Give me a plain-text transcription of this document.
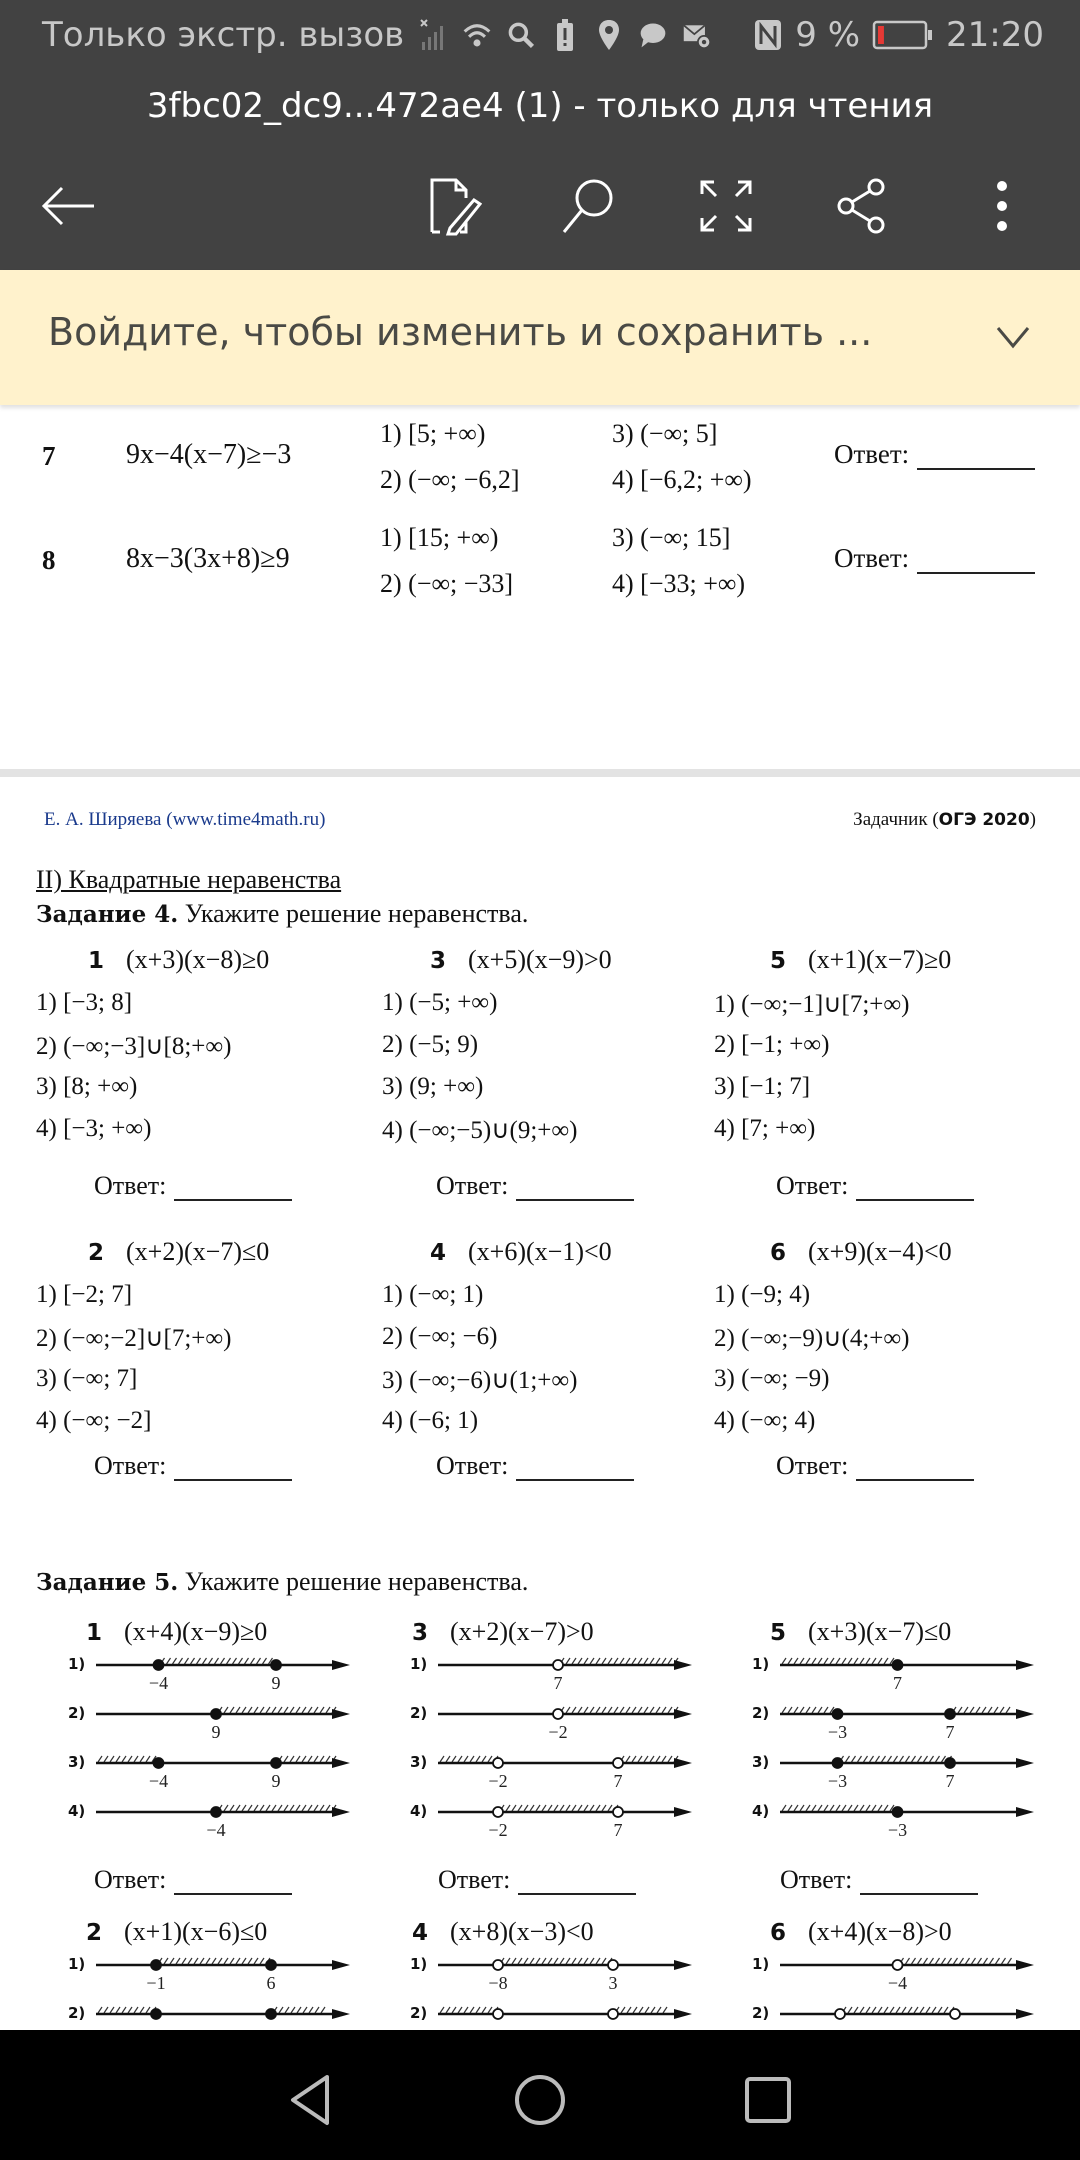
Только экстр. вызов	9 %	21:20
3fbc02_dc9...472ae4 (1) - только для чтения
Войдите, чтобы изменить и сохранить ...
7	9x−4(x−7)≥−3
1) [5; +∞)
2) (−∞; −6,2]
3) (−∞; 5]
4) [−6,2; +∞)
Ответ:
8	8x−3(3x+8)≥9
1) [15; +∞)
2) (−∞; −33]
3) (−∞; 15]
4) [−33; +∞)
Ответ:
Е. А. Ширяева (www.time4math.ru)	Задачник (ОГЭ 2020)
II) Квадратные неравенства
Задание 4. Укажите решение неравенства.
1 (x+3)(x−8)≥0
1) [−3; 8]
2) (−∞;−3]∪[8;+∞)
3) [8; +∞)
4) [−3; +∞)
Ответ:
3 (x+5)(x−9)>0
1) (−5; +∞)
2) (−5; 9)
3) (9; +∞)
4) (−∞;−5)∪(9;+∞)
Ответ:
5 (x+1)(x−7)≥0
1) (−∞;−1]∪[7;+∞)
2) [−1; +∞)
3) [−1; 7]
4) [7; +∞)
Ответ:
2 (x+2)(x−7)≤0
1) [−2; 7]
2) (−∞;−2]∪[7;+∞)
3) (−∞; 7]
4) (−∞; −2]
Ответ:
4 (x+6)(x−1)<0
1) (−∞; 1)
2) (−∞; −6)
3) (−∞;−6)∪(1;+∞)
4) (−6; 1)
Ответ:
6 (x+9)(x−4)<0
1) (−9; 4)
2) (−∞;−9)∪(4;+∞)
3) (−∞; −9)
4) (−∞; 4)
Ответ:
Задание 5. Укажите решение неравенства.
1 (x+4)(x−9)≥0
1)
−4	9
2)
9
3)
−4	9
4)
−4
Ответ:
3 (x+2)(x−7)>0
1)
7
2)
−2
3)
−2	7
4)
−2	7
Ответ:
5 (x+3)(x−7)≤0
1)
7
2)
−3	7
3)
−3	7
4)
−3
Ответ:
2 (x+1)(x−6)≤0
1)
−1	6
2)
4 (x+8)(x−3)<0
1)
−8	3
2)
6 (x+4)(x−8)>0
1)
−4
2)
